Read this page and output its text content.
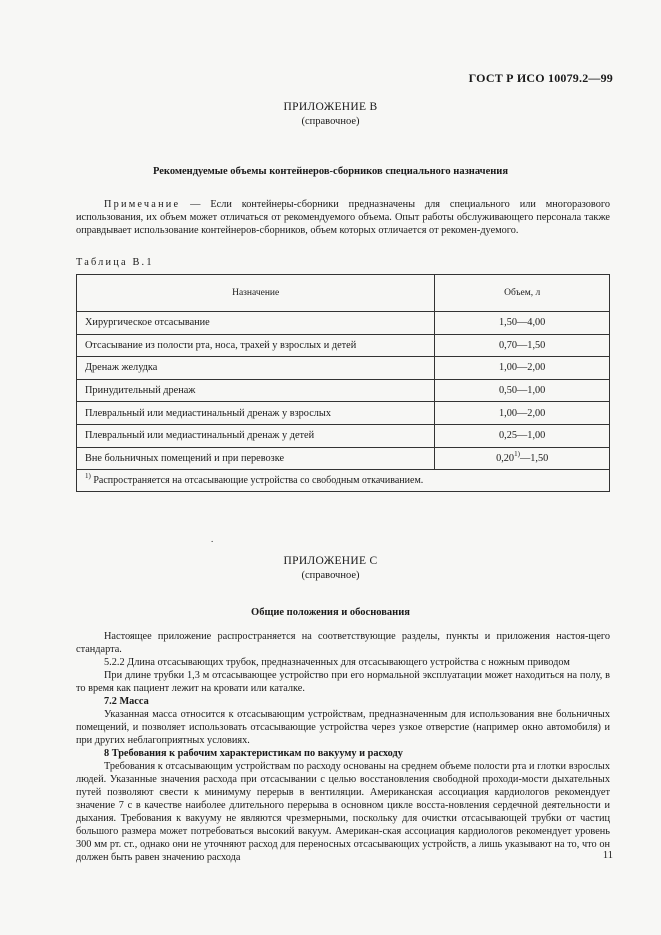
ГОСТ Р ИСО 10079.2—99
ПРИЛОЖЕНИЕ В
(справочное)
Рекомендуемые объемы контейнеров-сборников специального назначения
Примечание — Если контейнеры-сборники предназначены для специального или многоразового использования, их объем может отличаться от рекомендуемого объема. Опыт работы обслуживающего персонала также оправдывает использование контейнеров-сборников, объем которых отличается от рекомен-дуемого.
Таблица В.1
Назначение	Объем, л
Хирургическое отсасывание	1,50—4,00
Отсасывание из полости рта, носа, трахей у взрослых и детей	0,70—1,50
Дренаж желудка	1,00—2,00
Принудительный дренаж	0,50—1,00
Плевральный или медиастинальный дренаж у взрослых	1,00—2,00
Плевральный или медиастинальный дренаж у детей	0,25—1,00
Вне больничных помещений и при перевозке	0,20$^{1)}$—1,50
$^{1)}$ Распространяется на отсасывающие устройства со свободным откачиванием.	
.
ПРИЛОЖЕНИЕ С
(справочное)
Общие положения и обоснования
Настоящее приложение распространяется на соответствующие разделы, пункты и приложения настоя-щего стандарта.
5.2.2 Длина отсасывающих трубок, предназначенных для отсасывающего устройства с ножным приводом
При длине трубки 1,3 м отсасывающее устройство при его нормальной эксплуатации может находиться на полу, в то время как пациент лежит на кровати или каталке.
7.2 Масса
Указанная масса относится к отсасывающим устройствам, предназначенным для использования вне больничных помещений, и позволяет использовать отсасывающие устройства через узкое отверстие (например окно автомобиля) и при других неблагоприятных условиях.
8 Требования к рабочим характеристикам по вакууму и расходу
Требования к отсасывающим устройствам по расходу основаны на среднем объеме полости рта и глотки взрослых людей. Указанные значения расхода при отсасывании с целью восстановления свободной проходи-мости дыхательных путей позволяют свести к минимуму перерыв в вентиляции. Американская ассоциация кардиологов рекомендует значение 7 с в качестве наиболее длительного перерыва в основном цикле восста-новления сердечной деятельности и дыхания. Требования к вакууму не являются чрезмерными, поскольку для очистки отсасывающей трубки от частиц большого размера может потребоваться высокий вакуум. Американ-ская ассоциация кардиологов рекомендует уровень 300 мм рт. ст., однако они не уточняют расход для переносных отсасывающих устройств, а лишь указывают на то, что он должен быть равен значению расхода	11
